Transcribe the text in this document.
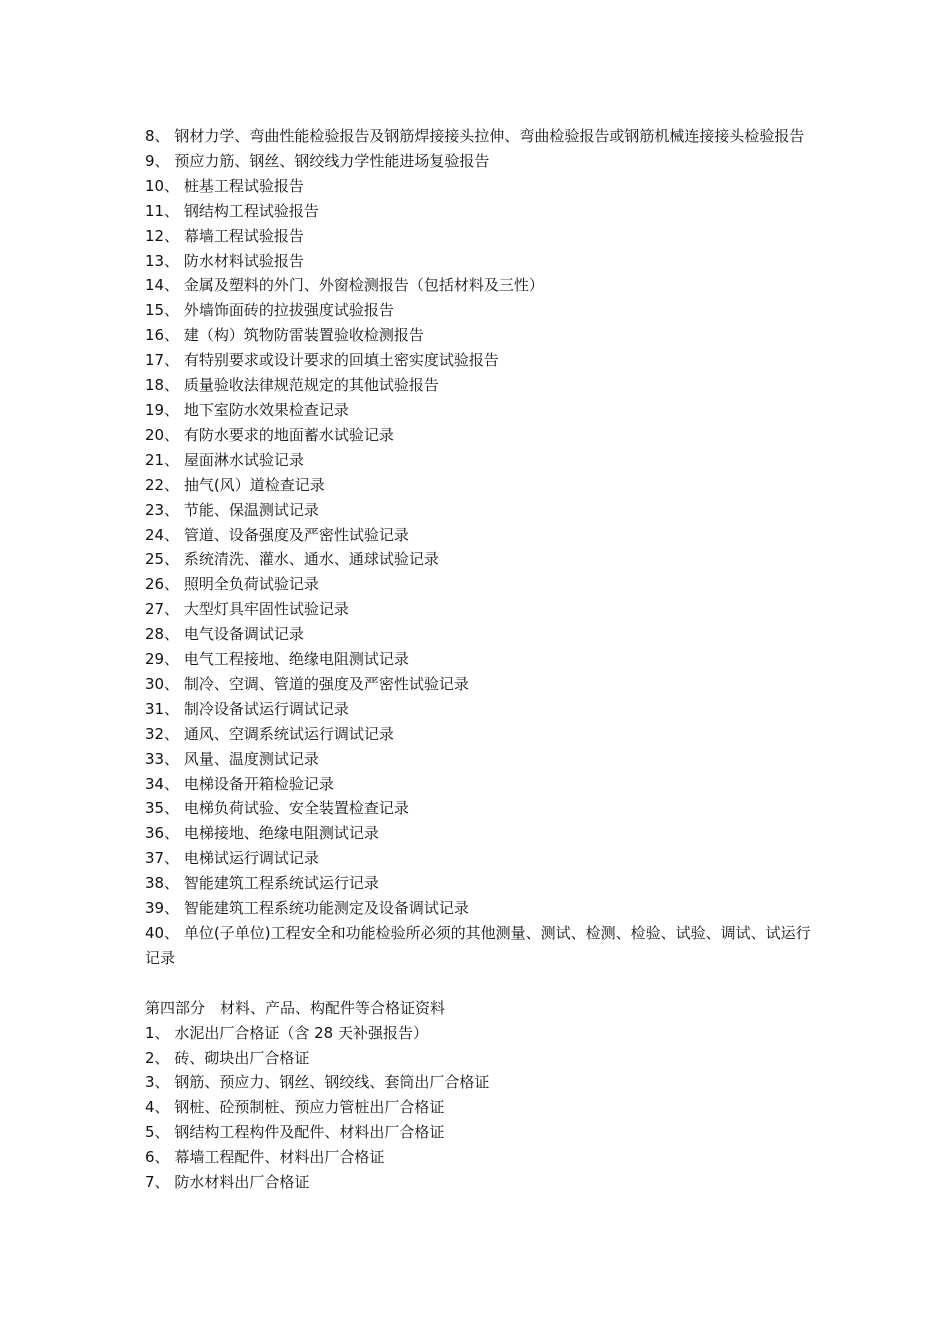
8、 钢材力学、弯曲性能检验报告及钢筋焊接接头拉伸、弯曲检验报告或钢筋机械连接接头检验报告
9、 预应力筋、钢丝、钢绞线力学性能进场复验报告
10、 桩基工程试验报告
11、 钢结构工程试验报告
12、 幕墙工程试验报告
13、 防水材料试验报告
14、 金属及塑料的外门、外窗检测报告（包括材料及三性）
15、 外墙饰面砖的拉拔强度试验报告
16、 建（构）筑物防雷装置验收检测报告
17、 有特别要求或设计要求的回填土密实度试验报告
18、 质量验收法律规范规定的其他试验报告
19、 地下室防水效果检查记录
20、 有防水要求的地面蓄水试验记录
21、 屋面淋水试验记录
22、 抽气(风）道检查记录
23、 节能、保温测试记录
24、 管道、设备强度及严密性试验记录
25、 系统清洗、灌水、通水、通球试验记录
26、 照明全负荷试验记录
27、 大型灯具牢固性试验记录
28、 电气设备调试记录
29、 电气工程接地、绝缘电阻测试记录
30、 制冷、空调、管道的强度及严密性试验记录
31、 制冷设备试运行调试记录
32、 通风、空调系统试运行调试记录
33、 风量、温度测试记录
34、 电梯设备开箱检验记录
35、 电梯负荷试验、安全装置检查记录
36、 电梯接地、绝缘电阻测试记录
37、 电梯试运行调试记录
38、 智能建筑工程系统试运行记录
39、 智能建筑工程系统功能测定及设备调试记录
40、 单位(子单位)工程安全和功能检验所必须的其他测量、测试、检测、检验、试验、调试、试运行记录
第四部分　材料、产品、构配件等合格证资料
1、 水泥出厂合格证（含 28 天补强报告）
2、 砖、砌块出厂合格证
3、 钢筋、预应力、钢丝、钢绞线、套筒出厂合格证
4、 钢桩、砼预制桩、预应力管桩出厂合格证
5、 钢结构工程构件及配件、材料出厂合格证
6、 幕墙工程配件、材料出厂合格证
7、 防水材料出厂合格证
